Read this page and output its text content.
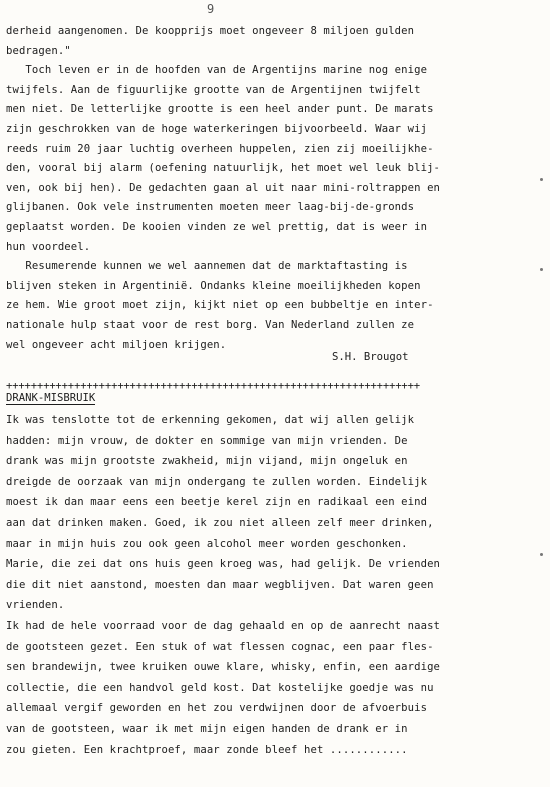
9
derheid aangenomen. De koopprijs moet ongeveer 8 miljoen gulden
bedragen."
Toch leven er in de hoofden van de Argentijns marine nog enige
twijfels. Aan de figuurlijke grootte van de Argentijnen twijfelt
men niet. De letterlijke grootte is een heel ander punt. De marats
zijn geschrokken van de hoge waterkeringen bijvoorbeeld. Waar wij
reeds ruim 20 jaar luchtig overheen huppelen, zien zij moeilijkhe-
den, vooral bij alarm (oefening natuurlijk, het moet wel leuk blij-
ven, ook bij hen). De gedachten gaan al uit naar mini-roltrappen en
glijbanen. Ook vele instrumenten moeten meer laag-bij-de-gronds
geplaatst worden. De kooien vinden ze wel prettig, dat is weer in
hun voordeel.
Resumerende kunnen we wel aannemen dat de marktaftasting is
blijven steken in Argentinië. Ondanks kleine moeilijkheden kopen
ze hem. Wie groot moet zijn, kijkt niet op een bubbeltje en inter-
nationale hulp staat voor de rest borg. Van Nederland zullen ze
wel ongeveer acht miljoen krijgen.
S.H. Brougot
+++++++++++++++++++++++++++++++++++++++++++++++++++++++++++++++++++
DRANK-MISBRUIK
Ik was tenslotte tot de erkenning gekomen, dat wij allen gelijk
hadden: mijn vrouw, de dokter en sommige van mijn vrienden. De
drank was mijn grootste zwakheid, mijn vijand, mijn ongeluk en
dreigde de oorzaak van mijn ondergang te zullen worden. Eindelijk
moest ik dan maar eens een beetje kerel zijn en radikaal een eind
aan dat drinken maken. Goed, ik zou niet alleen zelf meer drinken,
maar in mijn huis zou ook geen alcohol meer worden geschonken.
Marie, die zei dat ons huis geen kroeg was, had gelijk. De vrienden
die dit niet aanstond, moesten dan maar wegblijven. Dat waren geen
vrienden.
Ik had de hele voorraad voor de dag gehaald en op de aanrecht naast
de gootsteen gezet. Een stuk of wat flessen cognac, een paar fles-
sen brandewijn, twee kruiken ouwe klare, whisky, enfin, een aardige
collectie, die een handvol geld kost. Dat kostelijke goedje was nu
allemaal vergif geworden en het zou verdwijnen door de afvoerbuis
van de gootsteen, waar ik met mijn eigen handen de drank er in
zou gieten. Een krachtproef, maar zonde bleef het ............
